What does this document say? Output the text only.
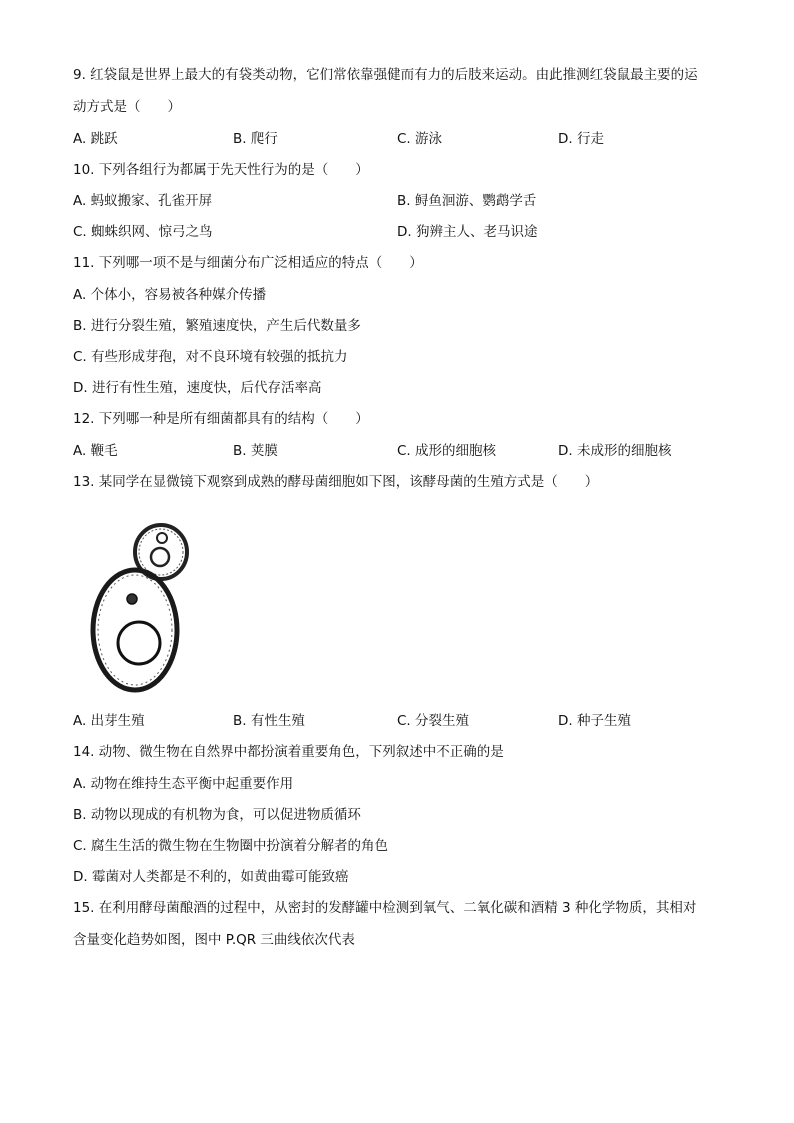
9. 红袋鼠是世界上最大的有袋类动物，它们常依靠强健而有力的后肢来运动。由此推测红袋鼠最主要的运
动方式是（　　）
A. 跳跃	B. 爬行	C. 游泳	D. 行走
10. 下列各组行为都属于先天性行为的是（　　）
A. 蚂蚁搬家、孔雀开屏	B. 鲟鱼洄游、鹦鹉学舌
C. 蜘蛛织网、惊弓之鸟	D. 狗辨主人、老马识途
11. 下列哪一项不是与细菌分布广泛相适应的特点（　　）
A. 个体小，容易被各种媒介传播
B. 进行分裂生殖，繁殖速度快，产生后代数量多
C. 有些形成芽孢，对不良环境有较强的抵抗力
D. 进行有性生殖，速度快，后代存活率高
12. 下列哪一种是所有细菌都具有的结构（　　）
A. 鞭毛	B. 荚膜	C. 成形的细胞核	D. 未成形的细胞核
13. 某同学在显微镜下观察到成熟的酵母菌细胞如下图，该酵母菌的生殖方式是（　　）
A. 出芽生殖	B. 有性生殖	C. 分裂生殖	D. 种子生殖
14. 动物、微生物在自然界中都扮演着重要角色，下列叙述中不正确的是
A. 动物在维持生态平衡中起重要作用
B. 动物以现成的有机物为食，可以促进物质循环
C. 腐生生活的微生物在生物圈中扮演着分解者的角色
D. 霉菌对人类都是不利的，如黄曲霉可能致癌
15. 在利用酵母菌酿酒的过程中，从密封的发酵罐中检测到氧气、二氧化碳和酒精 3 种化学物质，其相对
含量变化趋势如图，图中 P.QR 三曲线依次代表
